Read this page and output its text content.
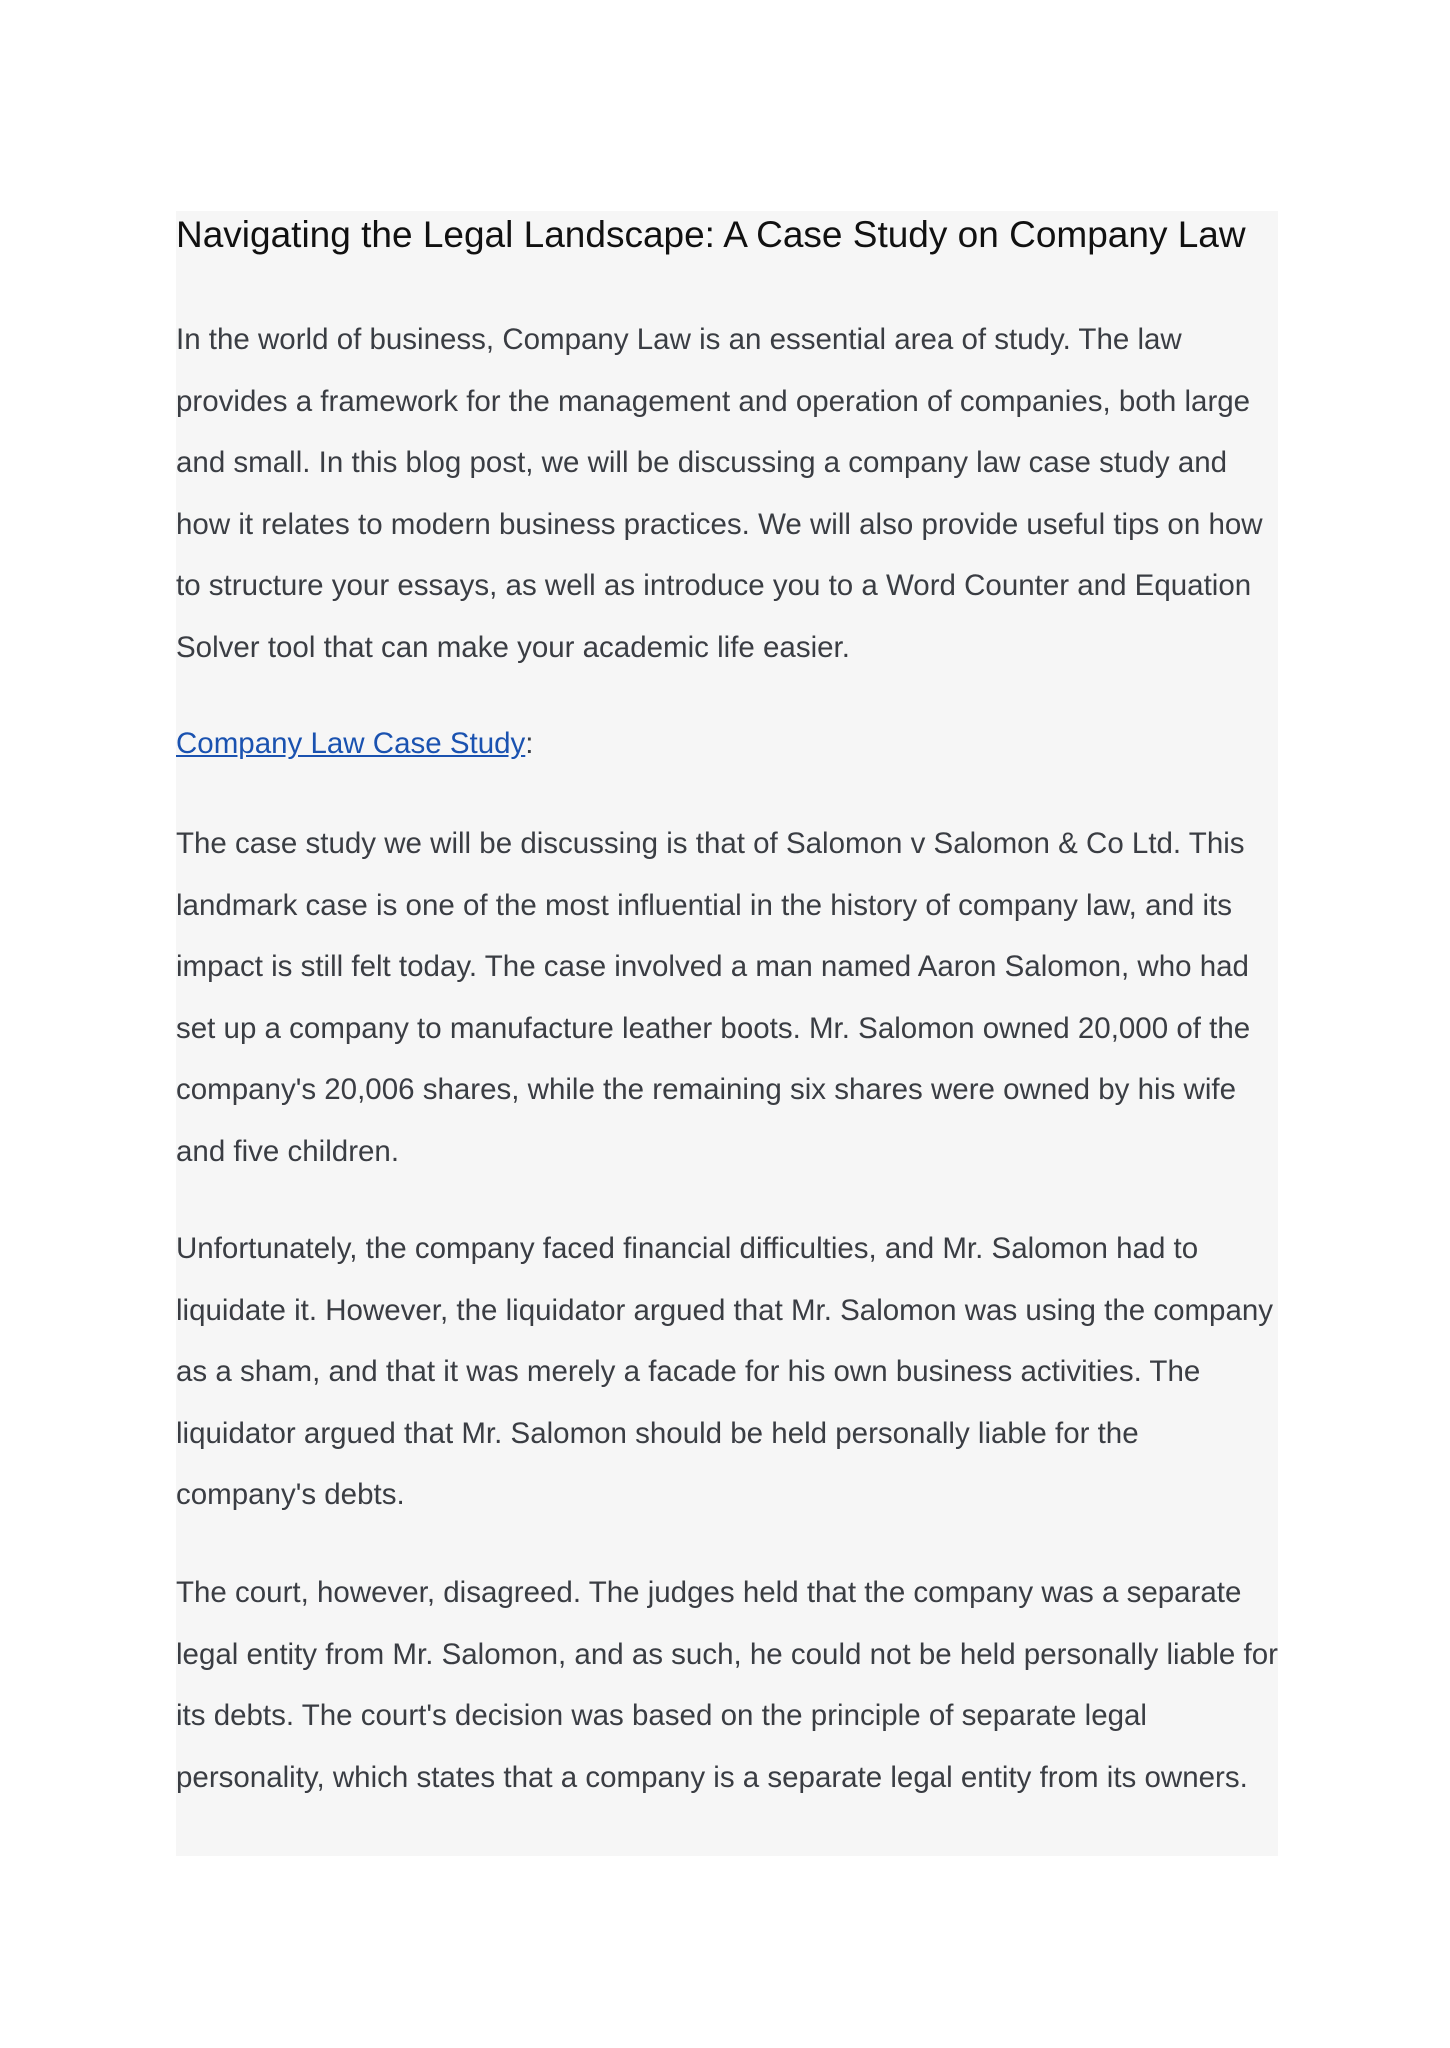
Navigating the Legal Landscape: A Case Study on Company Law

In the world of business, Company Law is an essential area of study. The law provides a framework for the management and operation of companies, both large and small. In this blog post, we will be discussing a company law case study and how it relates to modern business practices. We will also provide useful tips on how to structure your essays, as well as introduce you to a Word Counter and Equation Solver tool that can make your academic life easier.

Company Law Case Study:

The case study we will be discussing is that of Salomon v Salomon & Co Ltd. This landmark case is one of the most influential in the history of company law, and its impact is still felt today. The case involved a man named Aaron Salomon, who had set up a company to manufacture leather boots. Mr. Salomon owned 20,000 of the company's 20,006 shares, while the remaining six shares were owned by his wife and five children.

Unfortunately, the company faced financial difficulties, and Mr. Salomon had to liquidate it. However, the liquidator argued that Mr. Salomon was using the company as a sham, and that it was merely a facade for his own business activities. The liquidator argued that Mr. Salomon should be held personally liable for the company's debts.

The court, however, disagreed. The judges held that the company was a separate legal entity from Mr. Salomon, and as such, he could not be held personally liable for its debts. The court's decision was based on the principle of separate legal personality, which states that a company is a separate legal entity from its owners.
